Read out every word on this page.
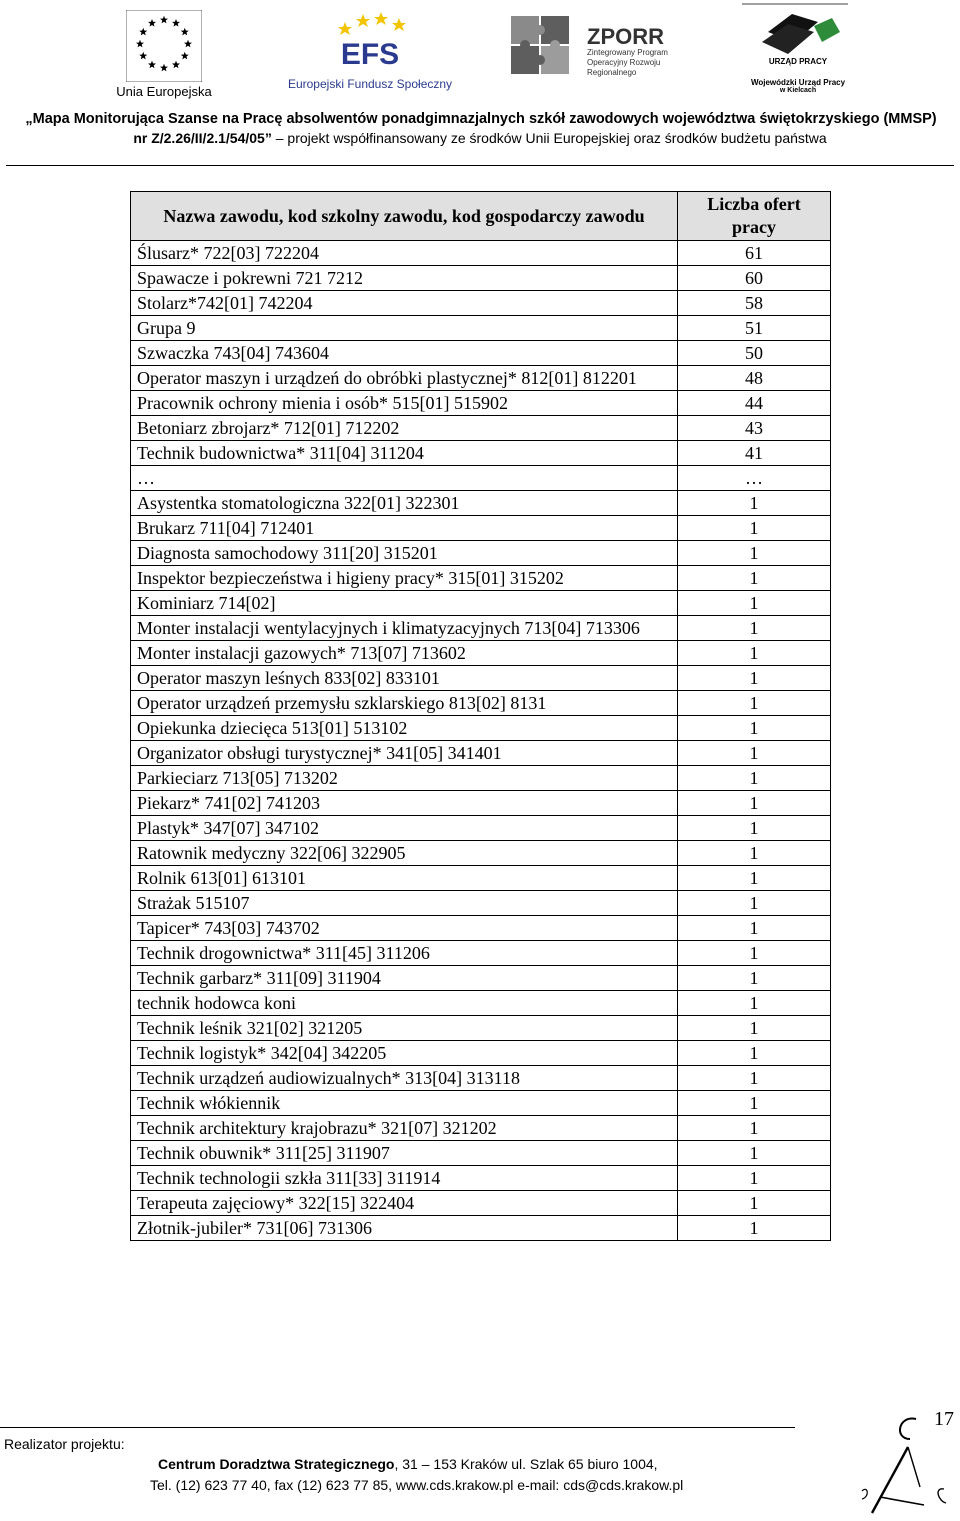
Unia Europejska
EFS
Europejski Fundusz Społeczny
ZPORR
Zintegrowany Program Operacyjny Rozwoju Regionalnego
URZĄD PRACY
Wojewódzki Urząd Pracy
w Kielcach
„Mapa Monitorująca Szanse na Pracę absolwentów ponadgimnazjalnych szkół zawodowych województwa świętokrzyskiego (MMSP)
nr Z/2.26/II/2.1/54/05” – projekt współfinansowany ze środków Unii Europejskiej oraz środków budżetu państwa
Nazwa zawodu, kod szkolny zawodu, kod gospodarczy zawodu	Liczba ofert pracy
Ślusarz* 722[03] 722204	61
Spawacze i pokrewni 721 7212	60
Stolarz*742[01] 742204	58
Grupa 9	51
Szwaczka 743[04] 743604	50
Operator maszyn i urządzeń do obróbki plastycznej* 812[01] 812201	48
Pracownik ochrony mienia i osób* 515[01] 515902	44
Betoniarz zbrojarz* 712[01] 712202	43
Technik budownictwa* 311[04] 311204	41
…	…
Asystentka stomatologiczna 322[01] 322301	1
Brukarz 711[04] 712401	1
Diagnosta samochodowy 311[20] 315201	1
Inspektor bezpieczeństwa i higieny pracy* 315[01] 315202	1
Kominiarz 714[02]	1
Monter instalacji wentylacyjnych i klimatyzacyjnych 713[04] 713306	1
Monter instalacji gazowych* 713[07] 713602	1
Operator maszyn leśnych 833[02] 833101	1
Operator urządzeń przemysłu szklarskiego 813[02] 8131	1
Opiekunka dziecięca 513[01] 513102	1
Organizator obsługi turystycznej* 341[05] 341401	1
Parkieciarz 713[05] 713202	1
Piekarz* 741[02] 741203	1
Plastyk* 347[07] 347102	1
Ratownik medyczny 322[06] 322905	1
Rolnik 613[01] 613101	1
Strażak 515107	1
Tapicer* 743[03] 743702	1
Technik drogownictwa* 311[45] 311206	1
Technik garbarz* 311[09] 311904	1
technik hodowca koni	1
Technik leśnik 321[02] 321205	1
Technik logistyk* 342[04] 342205	1
Technik urządzeń audiowizualnych* 313[04] 313118	1
Technik włókiennik	1
Technik architektury krajobrazu* 321[07] 321202	1
Technik obuwnik* 311[25] 311907	1
Technik technologii szkła 311[33] 311914	1
Terapeuta zajęciowy* 322[15] 322404	1
Złotnik-jubiler* 731[06] 731306	1
Realizator projektu:
Centrum Doradztwa Strategicznego, 31 – 153 Kraków ul. Szlak 65 biuro 1004,
Tel. (12) 623 77 40, fax (12) 623 77 85, www.cds.krakow.pl e-mail: cds@cds.krakow.pl
17
